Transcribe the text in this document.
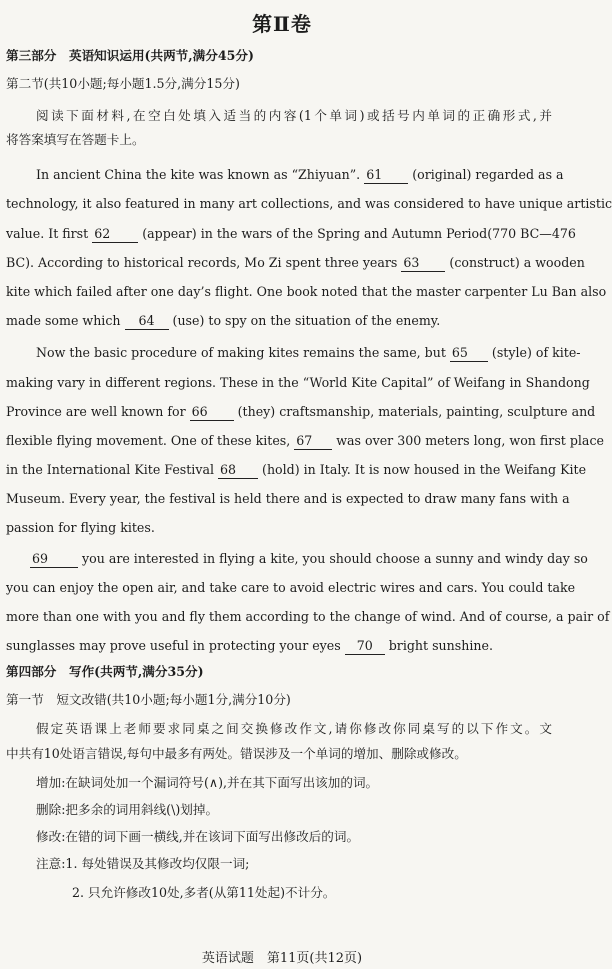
第Ⅱ卷
第三部分　英语知识运用(共两节,满分45分)
第二节(共10小题;每小题1.5分,满分15分)
阅读下面材料,在空白处填入适当的内容(1个单词)或括号内单词的正确形式,并
将答案填写在答题卡上。
In ancient China the kite was known as “Zhiyuan”. 61 (original) regarded as a
technology, it also featured in many art collections, and was considered to have unique artistic
value. It first 62	(appear) in the wars of the Spring and Autumn Period(770 BC—476
BC). According to historical records, Mo Zi spent three years 63 (construct) a wooden
kite which failed after one day’s flight. One book noted that the master carpenter Lu Ban also
made some which 64 (use) to spy on the situation of the enemy.
Now the basic procedure of making kites remains the same, but 65 (style) of kite-
making vary in different regions. These in the “World Kite Capital” of Weifang in Shandong
Province are well known for 66 (they) craftsmanship, materials, painting, sculpture and
flexible flying movement. One of these kites, 67 was over 300 meters long, won first place
in the International Kite Festival 68 (hold) in Italy. It is now housed in the Weifang Kite
Museum. Every year, the festival is held there and is expected to draw many fans with a
passion for flying kites.
69	you are interested in flying a kite, you should choose a sunny and windy day so
you can enjoy the open air, and take care to avoid electric wires and cars. You could take
more than one with you and fly them according to the change of wind. And of course, a pair of
sunglasses may prove useful in protecting your eyes 70 bright sunshine.
第四部分　写作(共两节,满分35分)
第一节　短文改错(共10小题;每小题1分,满分10分)
假定英语课上老师要求同桌之间交换修改作文,请你修改你同桌写的以下作文。文
中共有10处语言错误,每句中最多有两处。错误涉及一个单词的增加、删除或修改。
增加:在缺词处加一个漏词符号(∧),并在其下面写出该加的词。
删除:把多余的词用斜线(\)划掉。
修改:在错的词下画一横线,并在该词下面写出修改后的词。
注意:1. 每处错误及其修改均仅限一词;
2. 只允许修改10处,多者(从第11处起)不计分。
英语试题　第11页(共12页)
